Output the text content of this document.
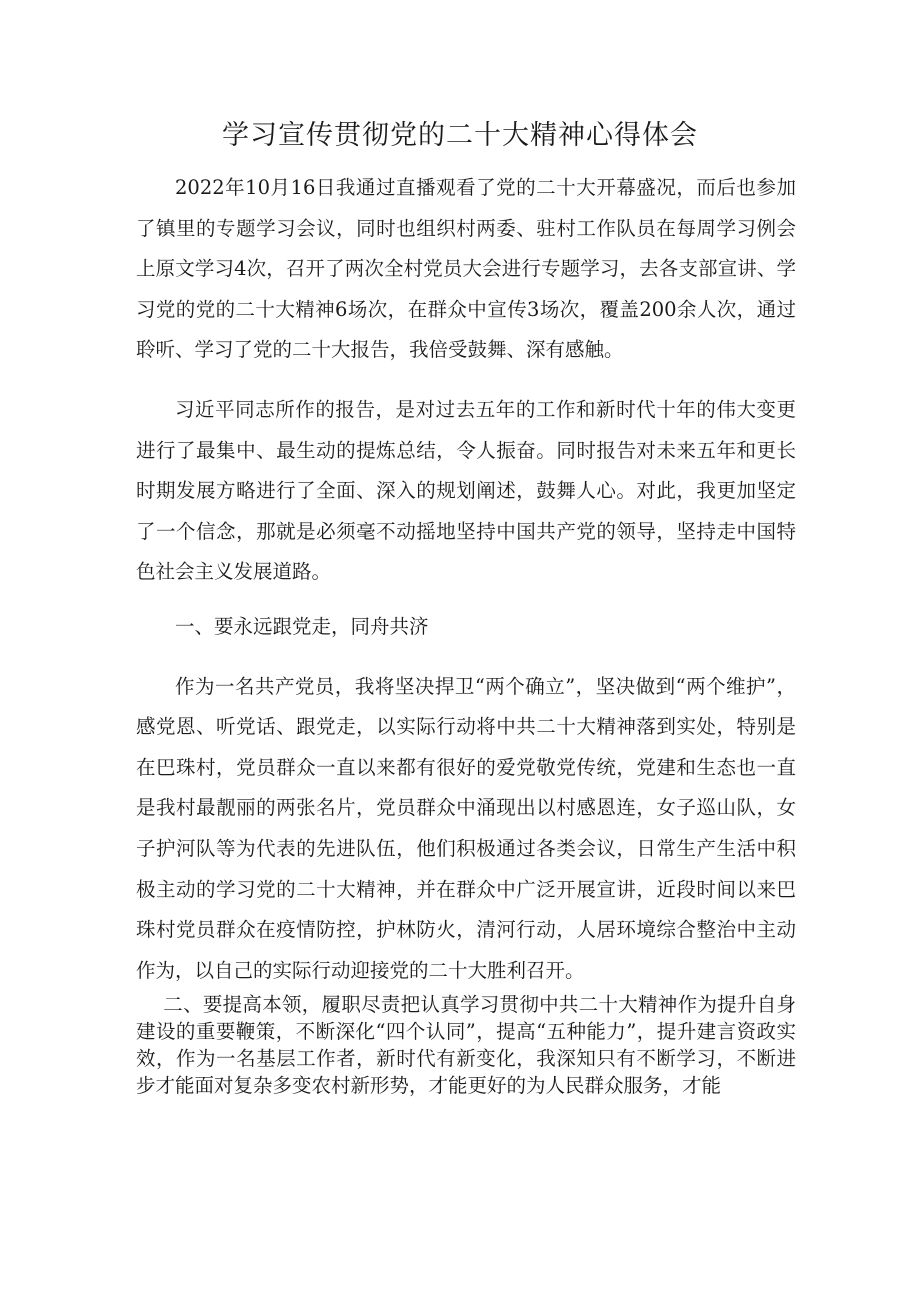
学习宣传贯彻党的二十大精神心得体会

2022年10月16日我通过直播观看了党的二十大开幕盛况，而后也参加了镇里的专题学习会议，同时也组织村两委、驻村工作队员在每周学习例会上原文学习4次，召开了两次全村党员大会进行专题学习，去各支部宣讲、学习党的党的二十大精神6场次，在群众中宣传3场次，覆盖200余人次，通过聆听、学习了党的二十大报告，我倍受鼓舞、深有感触。

习近平同志所作的报告，是对过去五年的工作和新时代十年的伟大变更进行了最集中、最生动的提炼总结，令人振奋。同时报告对未来五年和更长时期发展方略进行了全面、深入的规划阐述，鼓舞人心。对此，我更加坚定了一个信念，那就是必须毫不动摇地坚持中国共产党的领导，坚持走中国特色社会主义发展道路。

一、要永远跟党走，同舟共济

作为一名共产党员，我将坚决捍卫“两个确立”，坚决做到“两个维护”，感党恩、听党话、跟党走，以实际行动将中共二十大精神落到实处，特别是在巴珠村，党员群众一直以来都有很好的爱党敬党传统，党建和生态也一直是我村最靓丽的两张名片，党员群众中涌现出以村感恩连，女子巡山队，女子护河队等为代表的先进队伍，他们积极通过各类会议，日常生产生活中积极主动的学习党的二十大精神，并在群众中广泛开展宣讲，近段时间以来巴珠村党员群众在疫情防控，护林防火，清河行动，人居环境综合整治中主动作为，以自己的实际行动迎接党的二十大胜利召开。

二、要提高本领，履职尽责把认真学习贯彻中共二十大精神作为提升自身建设的重要鞭策，不断深化“四个认同”，提高“五种能力”，提升建言资政实效，作为一名基层工作者，新时代有新变化，我深知只有不断学习，不断进步才能面对复杂多变农村新形势，才能更好的为人民群众服务，才能
